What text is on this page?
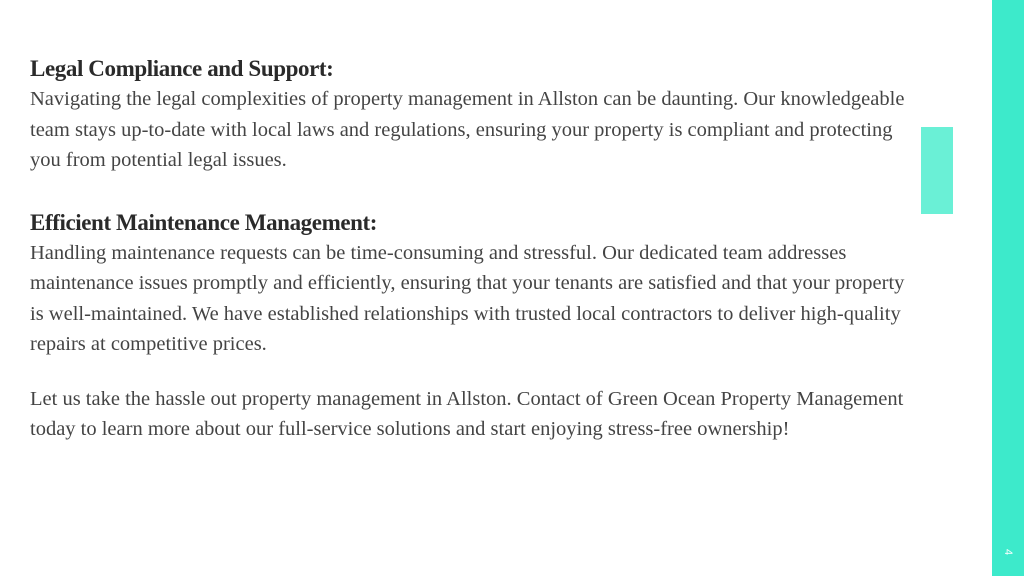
Legal Compliance and Support:

Navigating the legal complexities of property management in Allston can be daunting. Our knowledgeable team stays up-to-date with local laws and regulations, ensuring your property is compliant and protecting you from potential legal issues.

Efficient Maintenance Management:

Handling maintenance requests can be time-consuming and stressful. Our dedicated team addresses maintenance issues promptly and efficiently, ensuring that your tenants are satisfied and that your property is well-maintained. We have established relationships with trusted local contractors to deliver high-quality repairs at competitive prices.

Let us take the hassle out property management in Allston. Contact of Green Ocean Property Management today to learn more about our full-service solutions and start enjoying stress-free ownership!

4
